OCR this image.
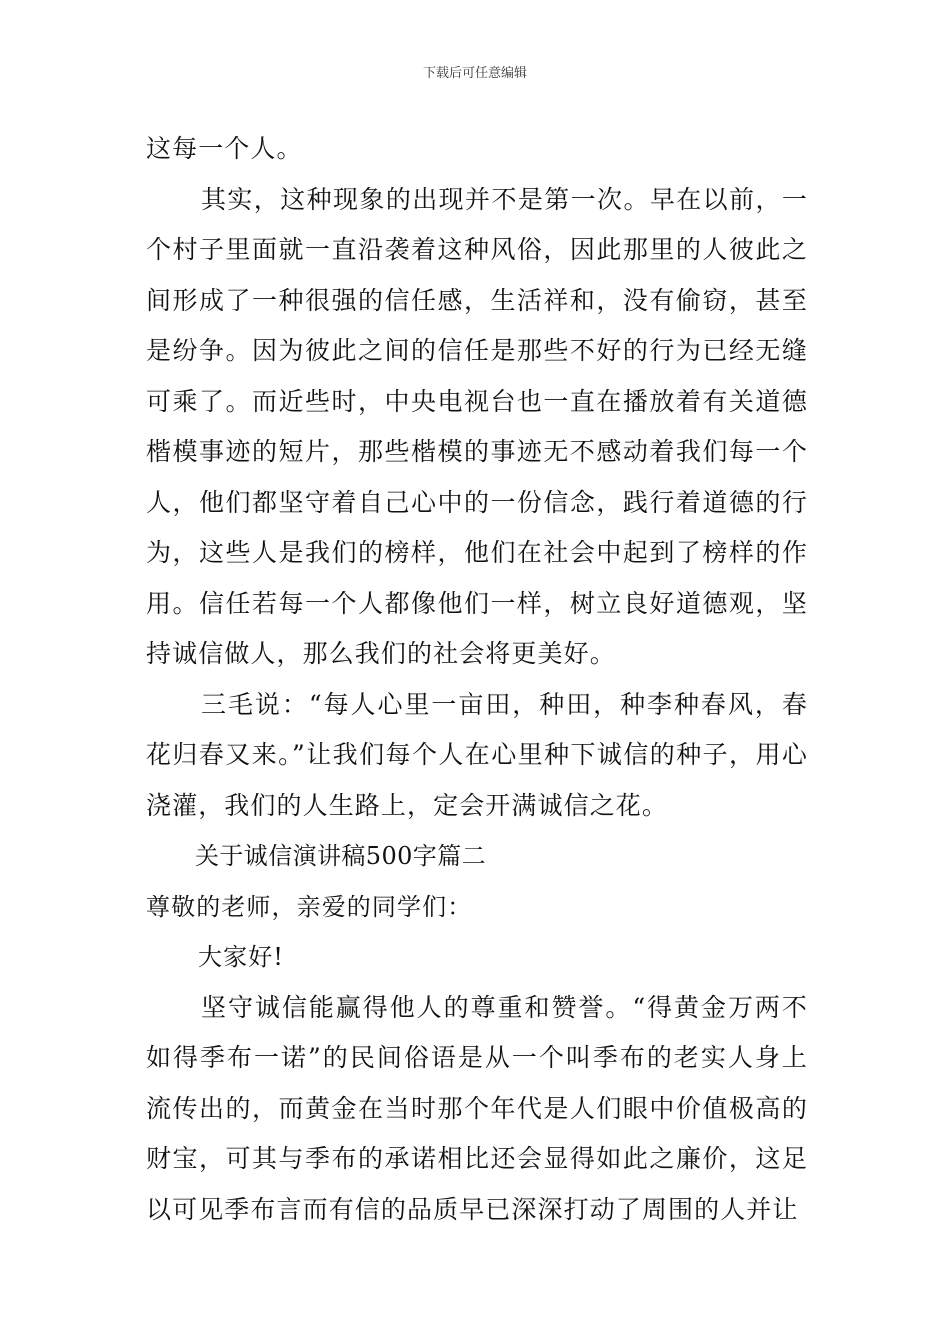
下载后可任意编辑

这每一个人。

其实，这种现象的出现并不是第一次。早在以前，一个村子里面就一直沿袭着这种风俗，因此那里的人彼此之间形成了一种很强的信任感，生活祥和，没有偷窃，甚至是纷争。因为彼此之间的信任是那些不好的行为已经无缝可乘了。而近些时，中央电视台也一直在播放着有关道德楷模事迹的短片，那些楷模的事迹无不感动着我们每一个人，他们都坚守着自己心中的一份信念，践行着道德的行为，这些人是我们的榜样，他们在社会中起到了榜样的作用。信任若每一个人都像他们一样，树立良好道德观，坚持诚信做人，那么我们的社会将更美好。

三毛说：“每人心里一亩田，种田，种李种春风，春花归春又来。”让我们每个人在心里种下诚信的种子，用心浇灌，我们的人生路上，定会开满诚信之花。

关于诚信演讲稿500字篇二

尊敬的老师，亲爱的同学们：

大家好!

坚守诚信能赢得他人的尊重和赞誉。“得黄金万两不如得季布一诺”的民间俗语是从一个叫季布的老实人身上流传出的，而黄金在当时那个年代是人们眼中价值极高的财宝，可其与季布的承诺相比还会显得如此之廉价，这足以可见季布言而有信的品质早已深深打动了周围的人并让
